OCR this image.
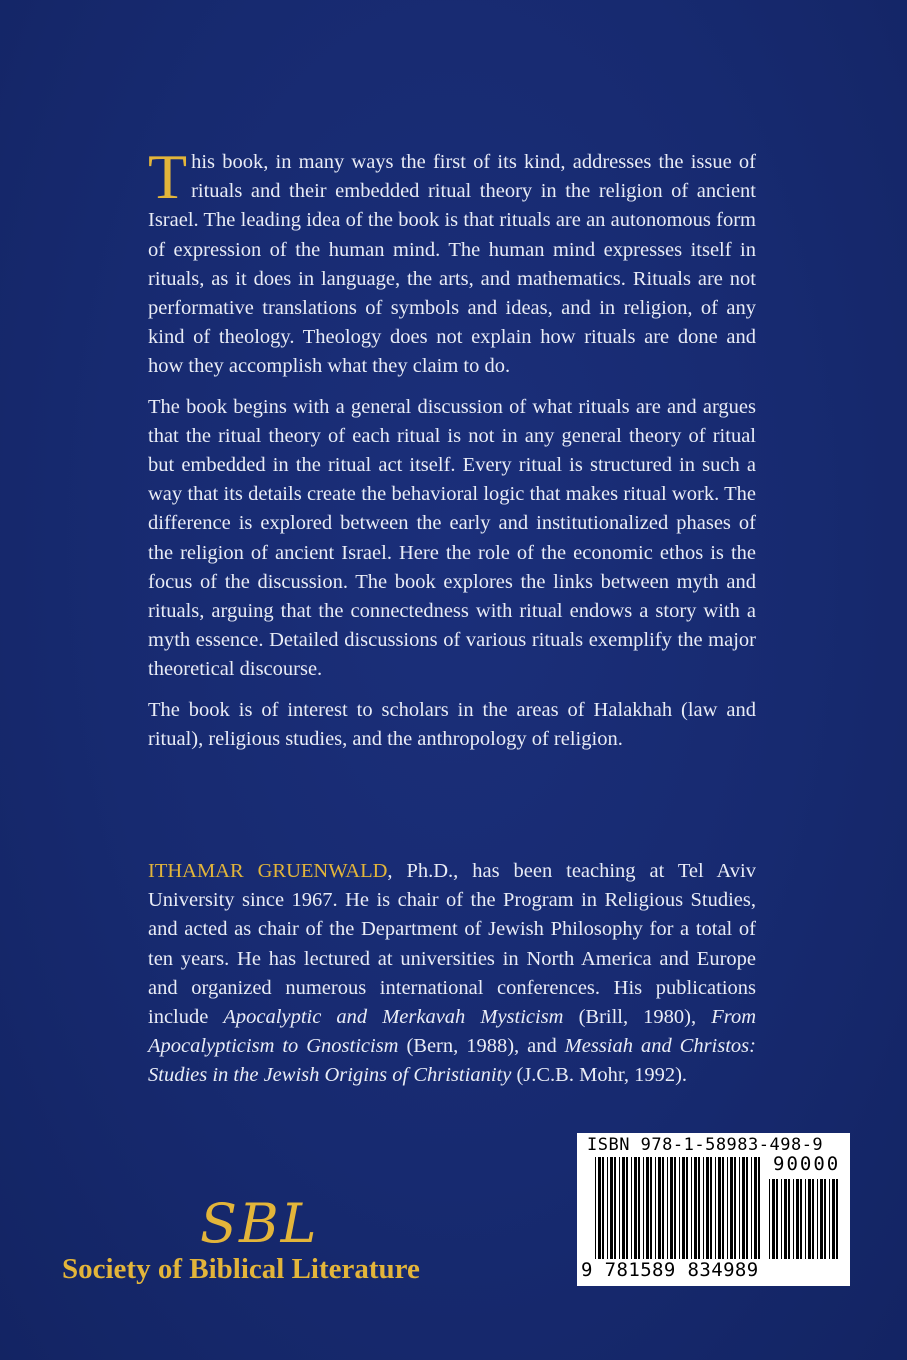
This book, in many ways the first of its kind, addresses the issue of rituals and their embedded ritual theory in the religion of ancient Israel. The leading idea of the book is that rituals are an autonomous form of expression of the human mind. The human mind expresses itself in rituals, as it does in language, the arts, and mathematics. Rituals are not performative translations of symbols and ideas, and in religion, of any kind of theology. Theology does not explain how rituals are done and how they accomplish what they claim to do.

The book begins with a general discussion of what rituals are and argues that the ritual theory of each ritual is not in any general theory of ritual but embedded in the ritual act itself. Every ritual is structured in such a way that its details create the behavioral logic that makes ritual work. The difference is explored between the early and institutionalized phases of the religion of ancient Israel. Here the role of the economic ethos is the focus of the discussion. The book explores the links between myth and rituals, arguing that the connectedness with ritual endows a story with a myth essence. Detailed discussions of various rituals exemplify the major theoretical discourse.

The book is of interest to scholars in the areas of Halakhah (law and ritual), religious studies, and the anthropology of religion.

ITHAMAR GRUENWALD, Ph.D., has been teaching at Tel Aviv University since 1967. He is chair of the Program in Religious Studies, and acted as chair of the Department of Jewish Philosophy for a total of ten years. He has lectured at universities in North America and Europe and organized numerous international conferences. His publications include Apocalyptic and Merkavah Mysticism (Brill, 1980), From Apocalypticism to Gnosticism (Bern, 1988), and Messiah and Christos: Studies in the Jewish Origins of Christianity (J.C.B. Mohr, 1992).
SBL
Society of Biblical Literature
ISBN 978-1-58983-498-9
90000
9 781589 834989
